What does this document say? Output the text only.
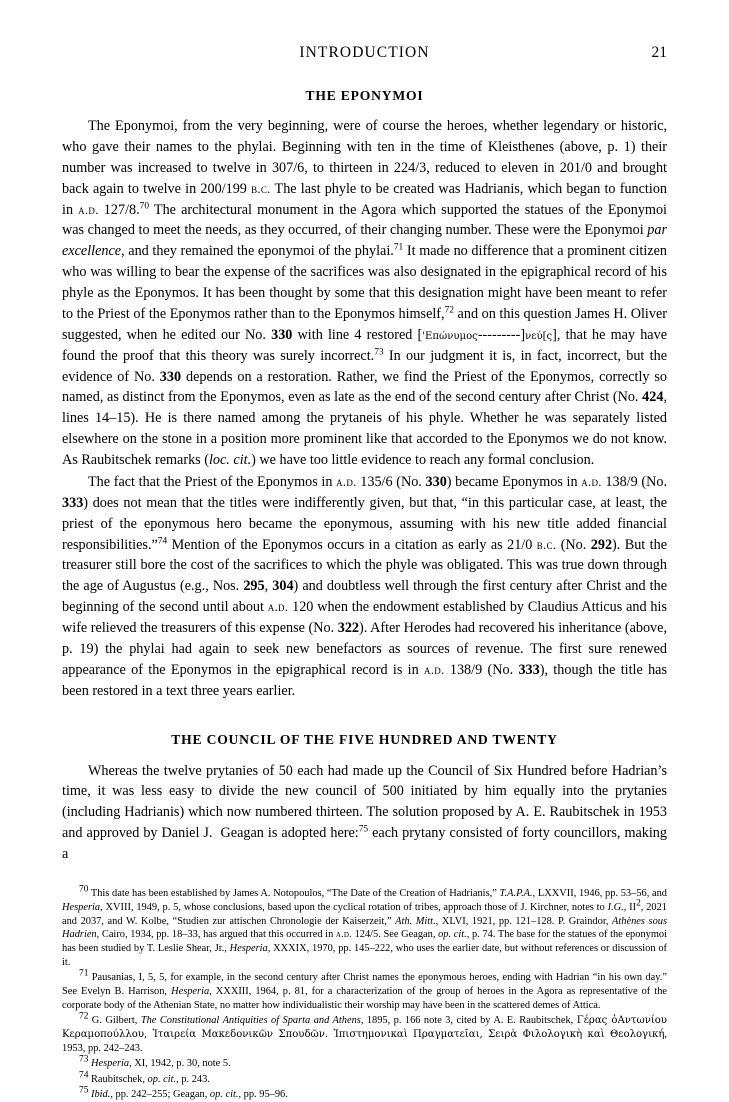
INTRODUCTION	21
THE EPONYMOI

The Eponymoi, from the very beginning, were of course the heroes, whether legendary or historic, who gave their names to the phylai. Beginning with ten in the time of Kleisthenes (above, p. 1) their number was increased to twelve in 307/6, to thirteen in 224/3, reduced to eleven in 201/0 and brought back again to twelve in 200/199 b.c. The last phyle to be created was Hadrianis, which began to function in a.d. 127/8.70 The architectural monument in the Agora which supported the statues of the Eponymoi was changed to meet the needs, as they occurred, of their changing number. These were the Eponymoi par excellence, and they remained the eponymoi of the phylai.$^{71}$ It made no difference that a prominent citizen who was willing to bear the expense of the sacrifices was also designated in the epigraphical record of his phyle as the Eponymos. It has been thought by some that this designation might have been meant to refer to the Priest of the Eponymos rather than to the Eponymos himself,$^{72}$ and on this question James H. Oliver suggested, when he edited our No. 330 with line 4 restored ['Επώνυμος---------]νεύ[ς], that he may have found the proof that this theory was surely incorrect.$^{73}$ In our judgment it is, in fact, incorrect, but the evidence of No. 330 depends on a restoration. Rather, we find the Priest of the Eponymos, correctly so named, as distinct from the Eponymos, even as late as the end of the second century after Christ (No. 424, lines 14–15). He is there named among the prytaneis of his phyle. Whether he was separately listed elsewhere on the stone in a position more prominent like that accorded to the Eponymos we do not know. As Raubitschek remarks (loc. cit.) we have too little evidence to reach any formal conclusion.

The fact that the Priest of the Eponymos in a.d. 135/6 (No. 330) became Eponymos in a.d. 138/9 (No. 333) does not mean that the titles were indifferently given, but that, “in this particular case, at least, the priest of the eponymous hero became the eponymous, assuming with his new title added financial responsibilities.”$^{74}$ Mention of the Eponymos occurs in a citation as early as 21/0 b.c. (No. 292). But the treasurer still bore the cost of the sacrifices to which the phyle was obligated. This was true down through the age of Augustus (e.g., Nos. 295, 304) and doubtless well through the first century after Christ and the beginning of the second until about a.d. 120 when the endowment established by Claudius Atticus and his wife relieved the treasurers of this expense (No. 322). After Herodes had recovered his inheritance (above, p. 19) the phylai had again to seek new benefactors as sources of revenue. The first sure renewed appearance of the Eponymos in the epigraphical record is in a.d. 138/9 (No. 333), though the title has been restored in a text three years earlier.

THE COUNCIL OF THE FIVE HUNDRED AND TWENTY

Whereas the twelve prytanies of 50 each had made up the Council of Six Hundred before Hadrian’s time, it was less easy to divide the new council of 500 initiated by him equally into the prytanies (including Hadrianis) which now numbered thirteen. The solution proposed by A. E. Raubitschek in 1953 and approved by Daniel J.  Geagan is adopted here:$^{75}$ each prytany consisted of forty councillors, making a

$^{70}$ This date has been established by James A. Notopoulos, “The Date of the Creation of Hadrianis,” T.A.P.A., LXXVII, 1946, pp. 53–56, and Hesperia, XVIII, 1949, p. 5, whose conclusions, based upon the cyclical rotation of tribes, approach those of J. Kirchner, notes to I.G., $II^2$, 2021 and 2037, and W. Kolbe, “Studien zur attischen Chronologie der Kaiserzeit,” Ath. Mitt., XLVI, 1921, pp. 121–128. P. Graindor, Athènes sous Hadrien, Cairo, 1934, pp. 18–33, has argued that this occurred in a.d. 124/5. See Geagan, op. cit., p. 74. The base for the statues of the eponymoi has been studied by T. Leslie Shear, Jr., Hesperia, XXXIX, 1970, pp. 145–222, who uses the earlier date, but without references or discussion of it.

$^{71}$ Pausanias, I, 5, 5, for example, in the second century after Christ names the eponymous heroes, ending with Hadrian “in his own day.” See Evelyn B. Harrison, Hesperia, XXXIII, 1964, p. 81, for a characterization of the group of heroes in the Agora as representative of the corporate body of the Athenian State, no matter how individualistic their worship may have been in the scattered demes of Attica.

$^{72}$ G. Gilbert, The Constitutional Antiquities of Sparta and Athens, 1895, p. 166 note 3, cited by A. E. Raubitschek, Γέρας ὀΑντωνίου Κεραμοπούλλου, Ἱταιρεία Μακεδονικῶν Σπουδῶν. Ἰπιστημονικαὶ Πραγματεῖαι, Σειρὰ Φιλολογικὴ καὶ Θεολογική, 1953, pp. 242–243.

$^{73}$ Hesperia, XI, 1942, p. 30, note 5.

$^{74}$ Raubitschek, op. cit., p. 243.

$^{75}$ Ibid., pp. 242–255; Geagan, op. cit., pp. 95–96.
